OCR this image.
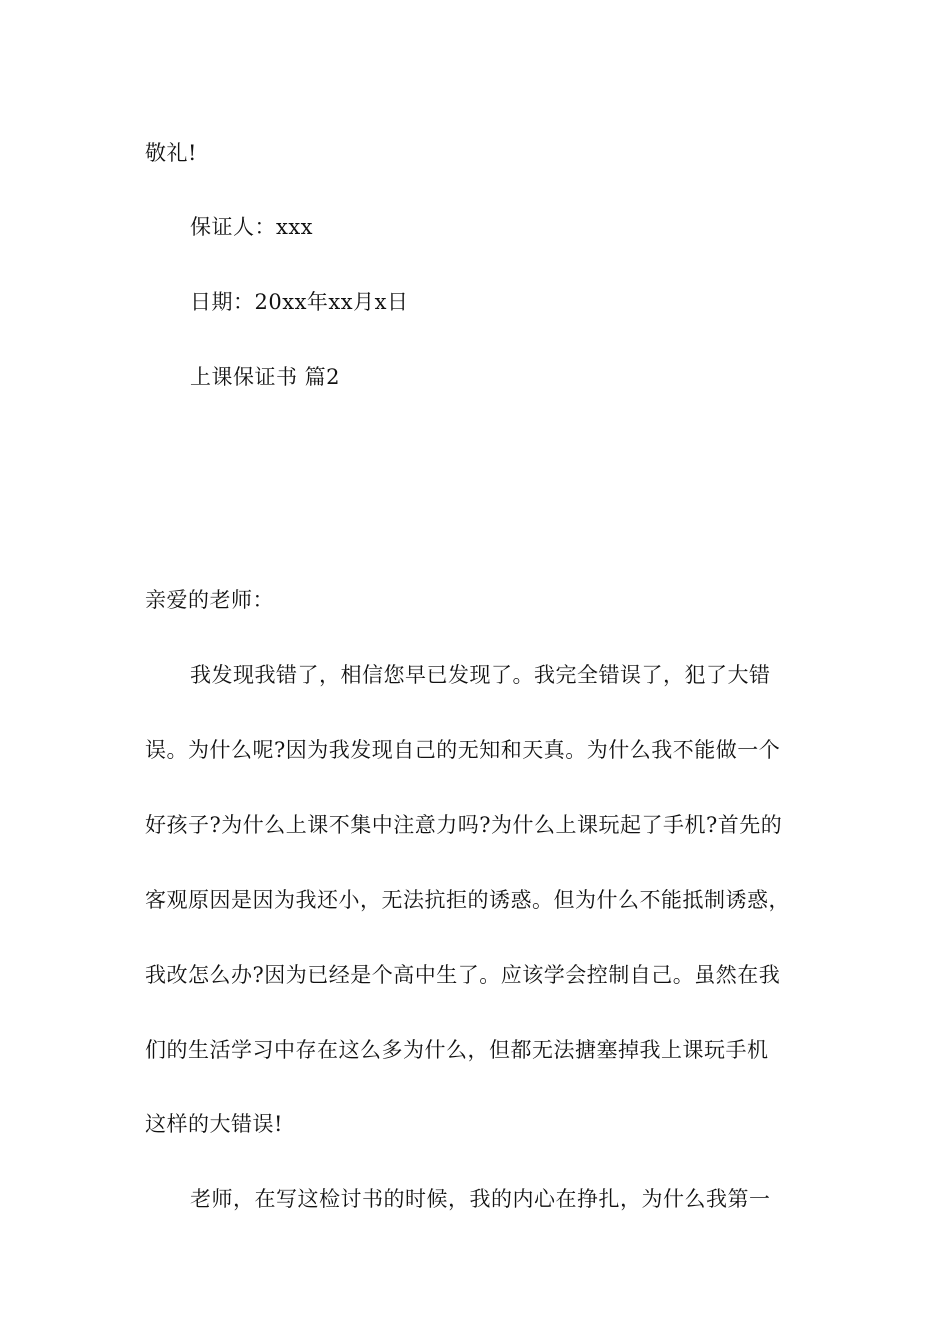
敬礼!
保证人：xxx
日期：20xx年xx月x日
上课保证书 篇2
亲爱的老师：
我发现我错了，相信您早已发现了。我完全错误了，犯了大错
误。为什么呢?因为我发现自己的无知和天真。为什么我不能做一个
好孩子?为什么上课不集中注意力吗?为什么上课玩起了手机?首先的
客观原因是因为我还小，无法抗拒的诱惑。但为什么不能抵制诱惑，
我改怎么办?因为已经是个高中生了。应该学会控制自己。虽然在我
们的生活学习中存在这么多为什么，但都无法搪塞掉我上课玩手机
这样的大错误!
老师，在写这检讨书的时候，我的内心在挣扎，为什么我第一
